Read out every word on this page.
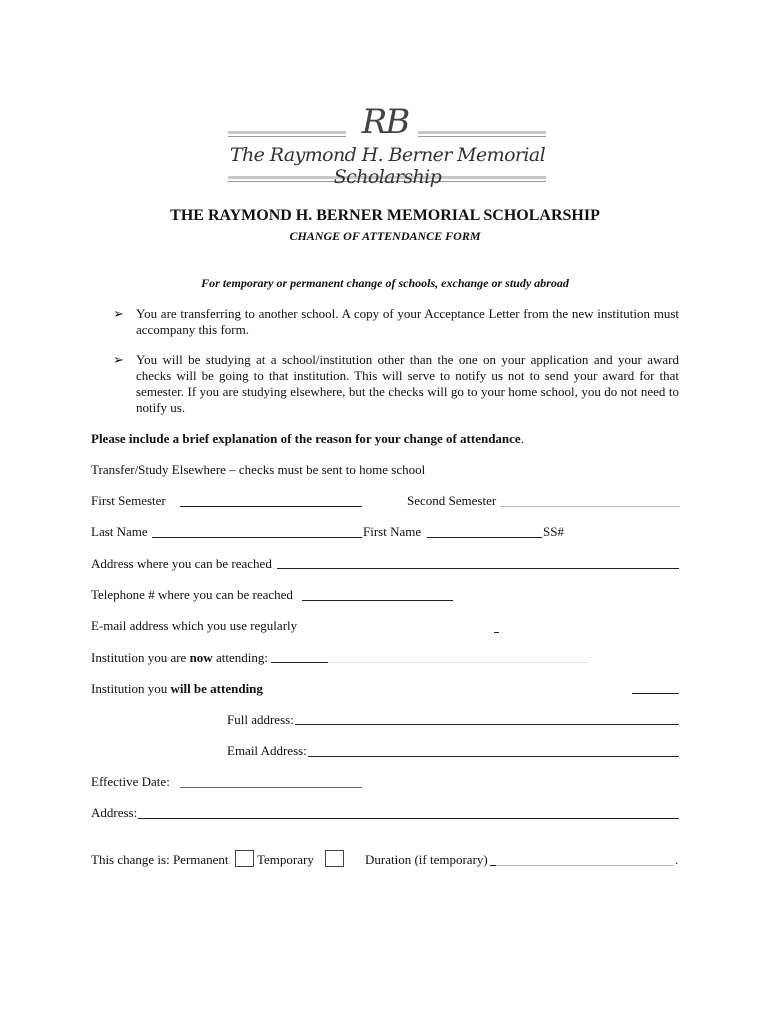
RB
The Raymond H. Berner Memorial Scholarship
THE RAYMOND H. BERNER MEMORIAL SCHOLARSHIP
CHANGE OF ATTENDANCE FORM
For temporary or permanent change of schools, exchange or study abroad
➢ You are transferring to another school. A copy of your Acceptance Letter from the new institution must accompany this form.
➢ You will be studying at a school/institution other than the one on your application and your award checks will be going to that institution. This will serve to notify us not to send your award for that semester. If you are studying elsewhere, but the checks will go to your home school, you do not need to notify us.
Please include a brief explanation of the reason for your change of attendance.
Transfer/Study Elsewhere – checks must be sent to home school
First Semester	Second Semester
Last Name	First Name	SS#
Address where you can be reached
Telephone # where you can be reached
E-mail address which you use regularly
Institution you are now attending:
Institution you will be attending
Full address:
Email Address:
Effective Date:
Address:
This change is: Permanent Temporary	Duration (if temporary)	.
